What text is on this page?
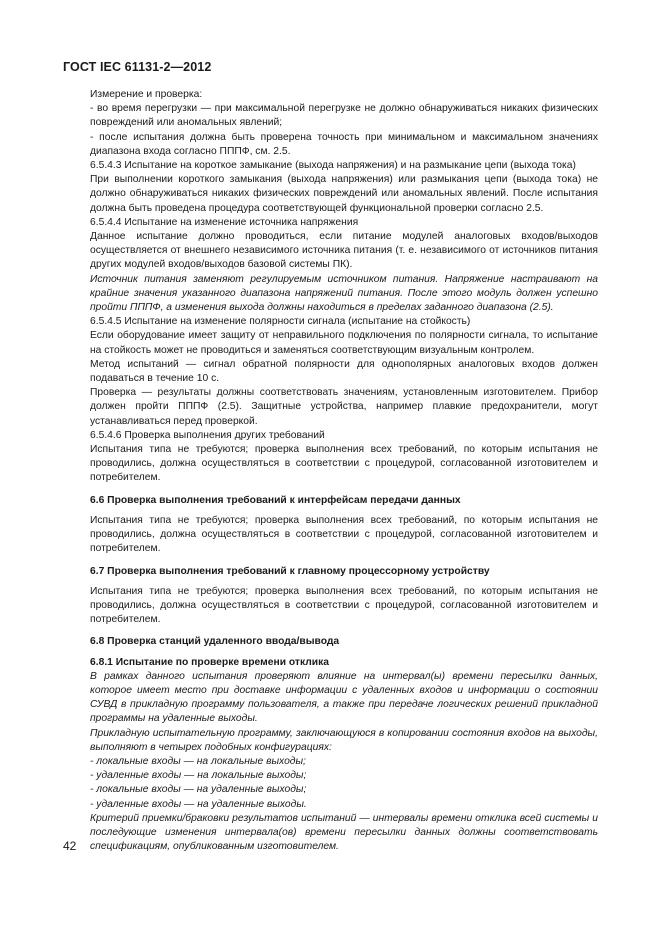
ГОСТ IEC 61131-2—2012

Измерение и проверка:

- во время перегрузки — при максимальной перегрузке не должно обнаруживаться никаких физических повреждений или аномальных явлений;

- после испытания должна быть проверена точность при минимальном и максимальном значениях диапазона входа согласно ПППФ, см. 2.5.

6.5.4.3 Испытание на короткое замыкание (выхода напряжения) и на размыкание цепи (выхода тока)

При выполнении короткого замыкания (выхода напряжения) или размыкания цепи (выхода тока) не должно обнаруживаться никаких физических повреждений или аномальных явлений. После испытания должна быть проведена процедура соответствующей функциональной проверки согласно 2.5.

6.5.4.4 Испытание на изменение источника напряжения

Данное испытание должно проводиться, если питание модулей аналоговых входов/выходов осуществляется от внешнего независимого источника питания (т. е. независимого от источников питания других модулей входов/выходов базовой системы ПК).

Источник питания заменяют регулируемым источником питания. Напряжение настраивают на крайние значения указанного диапазона напряжений питания. После этого модуль должен успешно пройти ПППФ, а изменения выхода должны находиться в пределах заданного диапазона (2.5).

6.5.4.5 Испытание на изменение полярности сигнала (испытание на стойкость)

Если оборудование имеет защиту от неправильного подключения по полярности сигнала, то испытание на стойкость может не проводиться и заменяться соответствующим визуальным контролем.

Метод испытаний — сигнал обратной полярности для однополярных аналоговых входов должен подаваться в течение 10 с.

Проверка — результаты должны соответствовать значениям, установленным изготовителем. Прибор должен пройти ПППФ (2.5). Защитные устройства, например плавкие предохранители, могут устанавливаться перед проверкой.

6.5.4.6 Проверка выполнения других требований

Испытания типа не требуются; проверка выполнения всех требований, по которым испытания не проводились, должна осуществляться в соответствии с процедурой, согласованной изготовителем и потребителем.

6.6 Проверка выполнения требований к интерфейсам передачи данных

Испытания типа не требуются; проверка выполнения всех требований, по которым испытания не проводились, должна осуществляться в соответствии с процедурой, согласованной изготовителем и потребителем.

6.7 Проверка выполнения требований к главному процессорному устройству

Испытания типа не требуются; проверка выполнения всех требований, по которым испытания не проводились, должна осуществляться в соответствии с процедурой, согласованной изготовителем и потребителем.

6.8 Проверка станций удаленного ввода/вывода

6.8.1 Испытание по проверке времени отклика

В рамках данного испытания проверяют влияние на интервал(ы) времени пересылки данных, которое имеет место при доставке информации с удаленных входов и информации о состоянии СУВД в прикладную программу пользователя, а также при передаче логических решений прикладной программы на удаленные выходы.

Прикладную испытательную программу, заключающуюся в копировании состояния входов на выходы, выполняют в четырех подобных конфигурациях:

- локальные входы — на локальные выходы;

- удаленные входы — на локальные выходы;

- локальные входы — на удаленные выходы;

- удаленные входы — на удаленные выходы.

Критерий приемки/браковки результатов испытаний — интервалы времени отклика всей системы и последующие изменения интервала(ов) времени пересылки данных должны соответствовать спецификациям, опубликованным изготовителем.

42
